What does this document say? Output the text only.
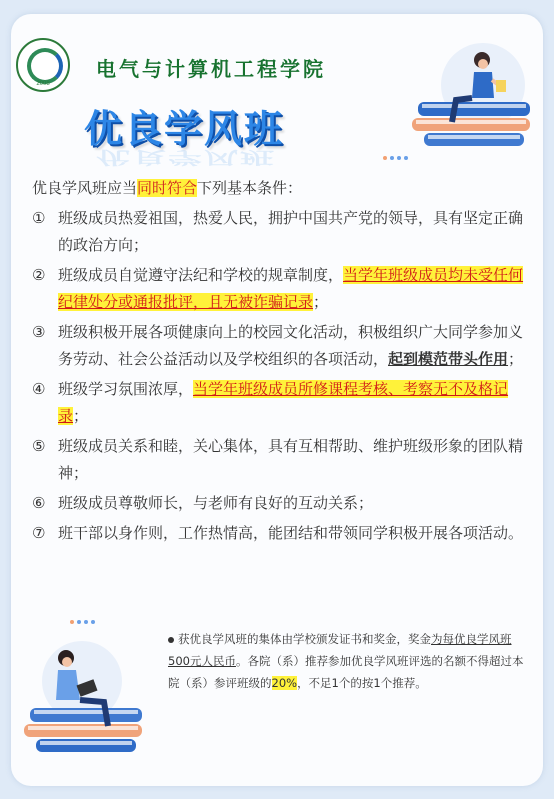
2008
电气与计算机工程学院
优良学风班
优良学风班

优良学风班应当同时符合下列基本条件：

① 班级成员热爱祖国，热爱人民，拥护中国共产党的领导，具有坚定正确的政治方向；
② 班级成员自觉遵守法纪和学校的规章制度，当学年班级成员均未受任何纪律处分或通报批评，且无被诈骗记录；
③ 班级积极开展各项健康向上的校园文化活动，积极组织广大同学参加义务劳动、社会公益活动以及学校组织的各项活动，起到模范带头作用；
④ 班级学习氛围浓厚，当学年班级成员所修课程考核、考察无不及格记录；
⑤ 班级成员关系和睦，关心集体，具有互相帮助、维护班级形象的团队精神；
⑥ 班级成员尊敬师长，与老师有良好的互动关系；
⑦ 班干部以身作则，工作热情高，能团结和带领同学积极开展各项活动。
获优良学风班的集体由学校颁发证书和奖金，奖金为每优良学风班500元人民币。各院（系）推荐参加优良学风班评选的名额不得超过本院（系）参评班级的20%，不足1个的按1个推荐。
